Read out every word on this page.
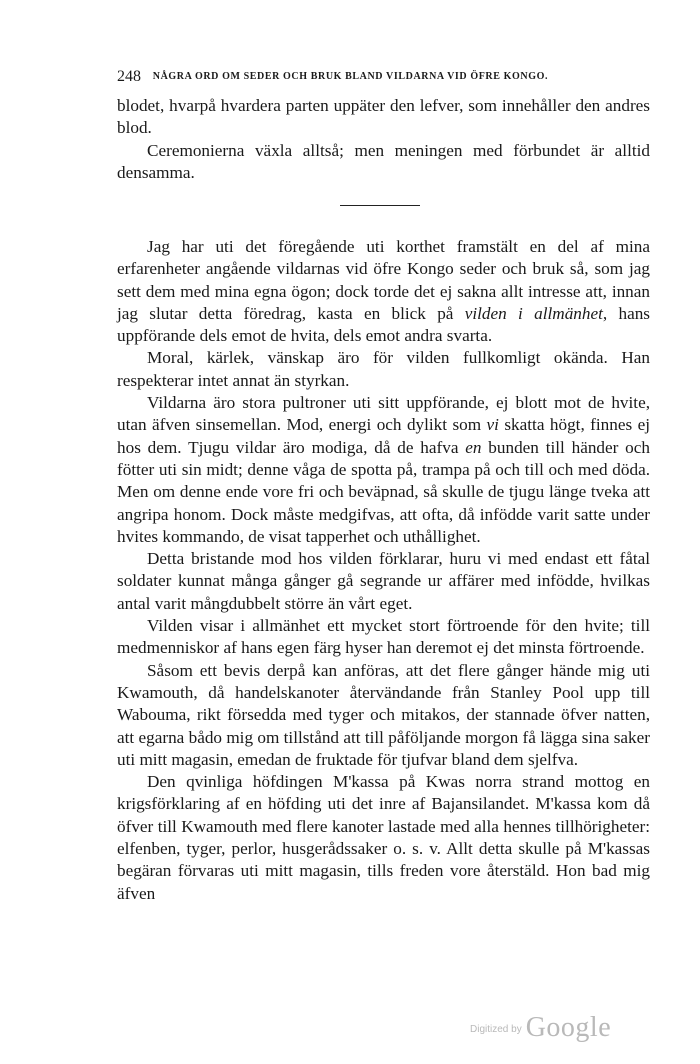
248 NÅGRA ORD OM SEDER OCH BRUK BLAND VILDARNA VID ÖFRE KONGO.

blodet, hvarpå hvardera parten uppäter den lefver, som innehåller den andres blod.

Ceremonierna växla alltså; men meningen med förbundet är alltid densamma.

Jag har uti det föregående uti korthet framstält en del af mina erfarenheter angående vildarnas vid öfre Kongo seder och bruk så, som jag sett dem med mina egna ögon; dock torde det ej sakna allt intresse att, innan jag slutar detta föredrag, kasta en blick på vilden i allmänhet, hans uppförande dels emot de hvita, dels emot andra svarta.

Moral, kärlek, vänskap äro för vilden fullkomligt okända. Han respekterar intet annat än styrkan.

Vildarna äro stora pultroner uti sitt uppförande, ej blott mot de hvite, utan äfven sinsemellan. Mod, energi och dylikt som vi skatta högt, finnes ej hos dem. Tjugu vildar äro modiga, då de hafva en bunden till händer och fötter uti sin midt; denne våga de spotta på, trampa på och till och med döda. Men om denne ende vore fri och beväpnad, så skulle de tjugu länge tveka att angripa honom. Dock måste medgifvas, att ofta, då infödde varit satte under hvites kommando, de visat tapperhet och uthållighet.

Detta bristande mod hos vilden förklarar, huru vi med endast ett fåtal soldater kunnat många gånger gå segrande ur affärer med infödde, hvilkas antal varit mångdubbelt större än vårt eget.

Vilden visar i allmänhet ett mycket stort förtroende för den hvite; till medmenniskor af hans egen färg hyser han deremot ej det minsta förtroende.

Såsom ett bevis derpå kan anföras, att det flere gånger hände mig uti Kwamouth, då handelskanoter återvändande från Stanley Pool upp till Wabouma, rikt försedda med tyger och mitakos, der stannade öfver natten, att egarna bådo mig om tillstånd att till påföljande morgon få lägga sina saker uti mitt magasin, emedan de fruktade för tjufvar bland dem sjelfva.

Den qvinliga höfdingen M'kassa på Kwas norra strand mottog en krigsförklaring af en höfding uti det inre af Bajansilandet. M'kassa kom då öfver till Kwamouth med flere kanoter lastade med alla hennes tillhörigheter: elfenben, tyger, perlor, husgerådssaker o. s. v. Allt detta skulle på M'kassas begäran förvaras uti mitt magasin, tills freden vore återstäld. Hon bad mig äfven

$^{Digitized by}$ Google
